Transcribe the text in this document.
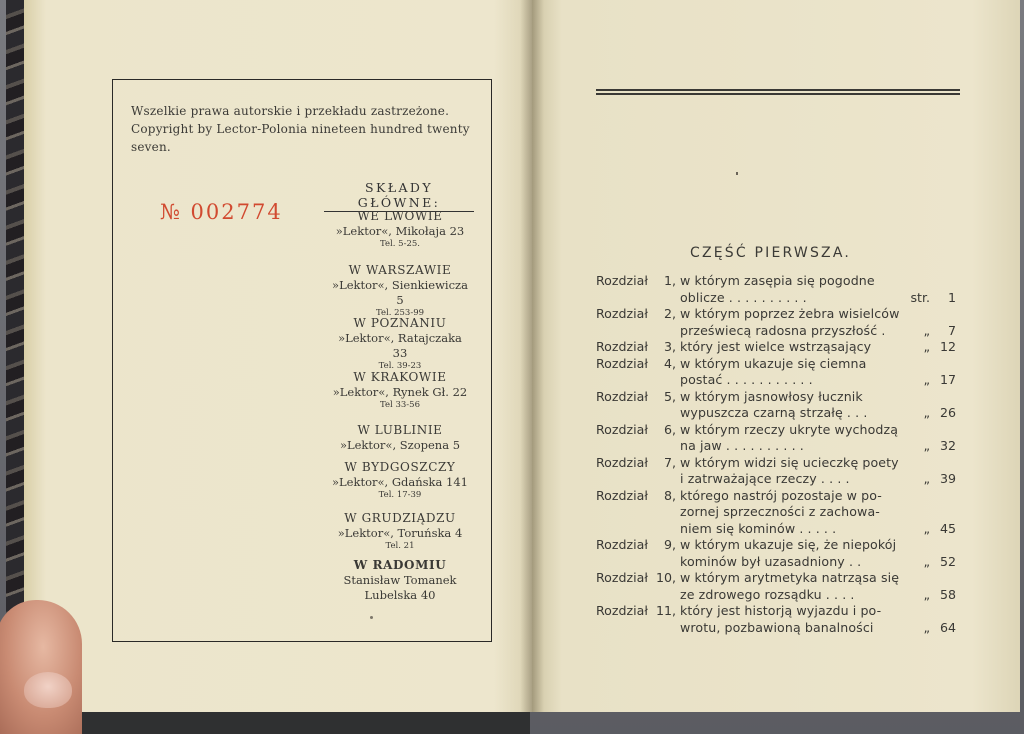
Wszelkie prawa autorskie i przekładu zastrzeżone.
Copyright by Lector-Polonia nineteen hundred twenty seven.
№ 002774
SKŁADY GŁÓWNE:
WE LWOWIE
»Lektor«, Mikołaja 23
Tel. 5-25.
W WARSZAWIE
»Lektor«, Sienkiewicza 5
Tel. 253-99
W POZNANIU
»Lektor«, Ratajczaka 33
Tel. 39-23
W KRAKOWIE
»Lektor«, Rynek Gł. 22
Tel 33-56
W LUBLINIE
»Lektor«, Szopena 5
W BYDGOSZCZY
»Lektor«, Gdańska 141
Tel. 17-39
W GRUDZIĄDZU
»Lektor«, Toruńska 4
Tel. 21
W RADOMIU
Stanisław Tomanek
Lubelska 40
CZĘŚĆ PIERWSZA.
Rozdział	1, w którym zasępia się pogodne
oblicze . . . . . . . . . .	str.	1
Rozdział	2, w którym poprzez żebra wisielców
przeświecą radosna przyszłość .	„	7
Rozdział	3, który jest wielce wstrząsający	„ 12
Rozdział	4, w którym ukazuje się ciemna
postać . . . . . . . . . . .	„ 17
Rozdział	5, w którym jasnowłosy łucznik
wypuszcza czarną strzałę . . .	„ 26
Rozdział	6, w którym rzeczy ukryte wychodzą
na jaw . . . . . . . . . .	„ 32
Rozdział	7, w którym widzi się ucieczkę poety
i zatrważające rzeczy . . . .	„ 39
Rozdział	8, którego nastrój pozostaje w po-
zornej sprzeczności z zachowa-
niem się kominów . . . . .	„ 45
Rozdział	9, w którym ukazuje się, że niepokój
kominów był uzasadniony . .	„ 52
Rozdział 10, w którym arytmetyka natrząsa się
ze zdrowego rozsądku . . . .	„ 58
Rozdział 11, który jest historją wyjazdu i po-
wrotu, pozbawioną banalności	„ 64
